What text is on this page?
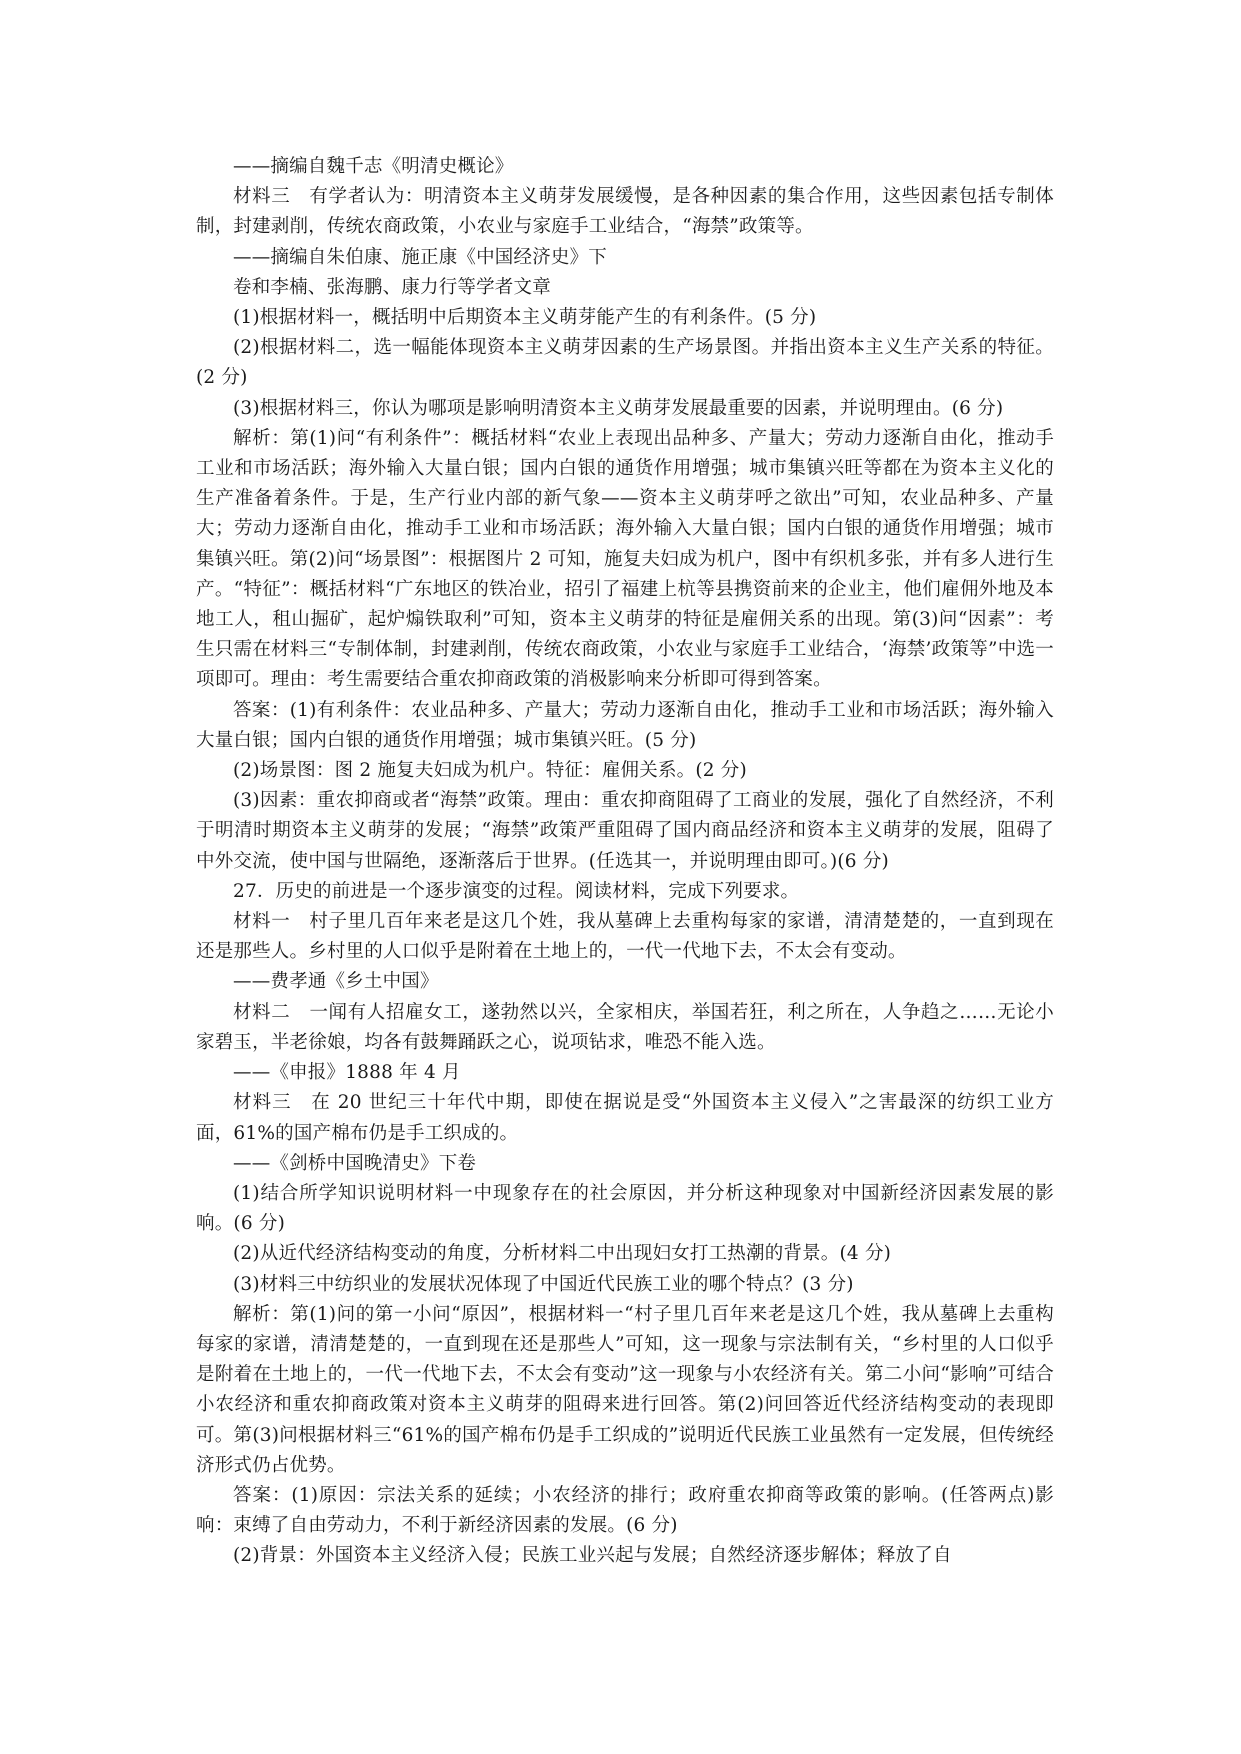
——摘编自魏千志《明清史概论》

材料三　有学者认为：明清资本主义萌芽发展缓慢，是各种因素的集合作用，这些因素包括专制体制，封建剥削，传统农商政策，小农业与家庭手工业结合，“海禁”政策等。

——摘编自朱伯康、施正康《中国经济史》下

卷和李楠、张海鹏、康力行等学者文章

(1)根据材料一，概括明中后期资本主义萌芽能产生的有利条件。(5 分)

(2)根据材料二，选一幅能体现资本主义萌芽因素的生产场景图。并指出资本主义生产关系的特征。(2 分)

(3)根据材料三，你认为哪项是影响明清资本主义萌芽发展最重要的因素，并说明理由。(6 分)

解析：第(1)问“有利条件”：概括材料“农业上表现出品种多、产量大；劳动力逐渐自由化，推动手工业和市场活跃；海外输入大量白银；国内白银的通货作用增强；城市集镇兴旺等都在为资本主义化的生产准备着条件。于是，生产行业内部的新气象——资本主义萌芽呼之欲出”可知，农业品种多、产量大；劳动力逐渐自由化，推动手工业和市场活跃；海外输入大量白银；国内白银的通货作用增强；城市集镇兴旺。第(2)问“场景图”：根据图片 2 可知，施复夫妇成为机户，图中有织机多张，并有多人进行生产。“特征”：概括材料“广东地区的铁冶业，招引了福建上杭等县携资前来的企业主，他们雇佣外地及本地工人，租山掘矿，起炉煽铁取利”可知，资本主义萌芽的特征是雇佣关系的出现。第(3)问“因素”：考生只需在材料三“专制体制，封建剥削，传统农商政策，小农业与家庭手工业结合，‘海禁’政策等”中选一项即可。理由：考生需要结合重农抑商政策的消极影响来分析即可得到答案。

答案：(1)有利条件：农业品种多、产量大；劳动力逐渐自由化，推动手工业和市场活跃；海外输入大量白银；国内白银的通货作用增强；城市集镇兴旺。(5 分)

(2)场景图：图 2 施复夫妇成为机户。特征：雇佣关系。(2 分)

(3)因素：重农抑商或者“海禁”政策。理由：重农抑商阻碍了工商业的发展，强化了自然经济，不利于明清时期资本主义萌芽的发展；“海禁”政策严重阻碍了国内商品经济和资本主义萌芽的发展，阻碍了中外交流，使中国与世隔绝，逐渐落后于世界。(任选其一，并说明理由即可。)(6 分)

27．历史的前进是一个逐步演变的过程。阅读材料，完成下列要求。

材料一　村子里几百年来老是这几个姓，我从墓碑上去重构每家的家谱，清清楚楚的，一直到现在还是那些人。乡村里的人口似乎是附着在土地上的，一代一代地下去，不太会有变动。

——费孝通《乡土中国》

材料二　一闻有人招雇女工，遂勃然以兴，全家相庆，举国若狂，利之所在，人争趋之……无论小家碧玉，半老徐娘，均各有鼓舞踊跃之心，说项钻求，唯恐不能入选。

——《申报》1888 年 4 月

材料三　在 20 世纪三十年代中期，即使在据说是受“外国资本主义侵入”之害最深的纺织工业方面，61%的国产棉布仍是手工织成的。

——《剑桥中国晚清史》下卷

(1)结合所学知识说明材料一中现象存在的社会原因，并分析这种现象对中国新经济因素发展的影响。(6 分)

(2)从近代经济结构变动的角度，分析材料二中出现妇女打工热潮的背景。(4 分)

(3)材料三中纺织业的发展状况体现了中国近代民族工业的哪个特点？(3 分)

解析：第(1)问的第一小问“原因”，根据材料一“村子里几百年来老是这几个姓，我从墓碑上去重构每家的家谱，清清楚楚的，一直到现在还是那些人”可知，这一现象与宗法制有关，“乡村里的人口似乎是附着在土地上的，一代一代地下去，不太会有变动”这一现象与小农经济有关。第二小问“影响”可结合小农经济和重农抑商政策对资本主义萌芽的阻碍来进行回答。第(2)问回答近代经济结构变动的表现即可。第(3)问根据材料三“61%的国产棉布仍是手工织成的”说明近代民族工业虽然有一定发展，但传统经济形式仍占优势。

答案：(1)原因：宗法关系的延续；小农经济的排行；政府重农抑商等政策的影响。(任答两点)影响：束缚了自由劳动力，不利于新经济因素的发展。(6 分)

(2)背景：外国资本主义经济入侵；民族工业兴起与发展；自然经济逐步解体；释放了自
